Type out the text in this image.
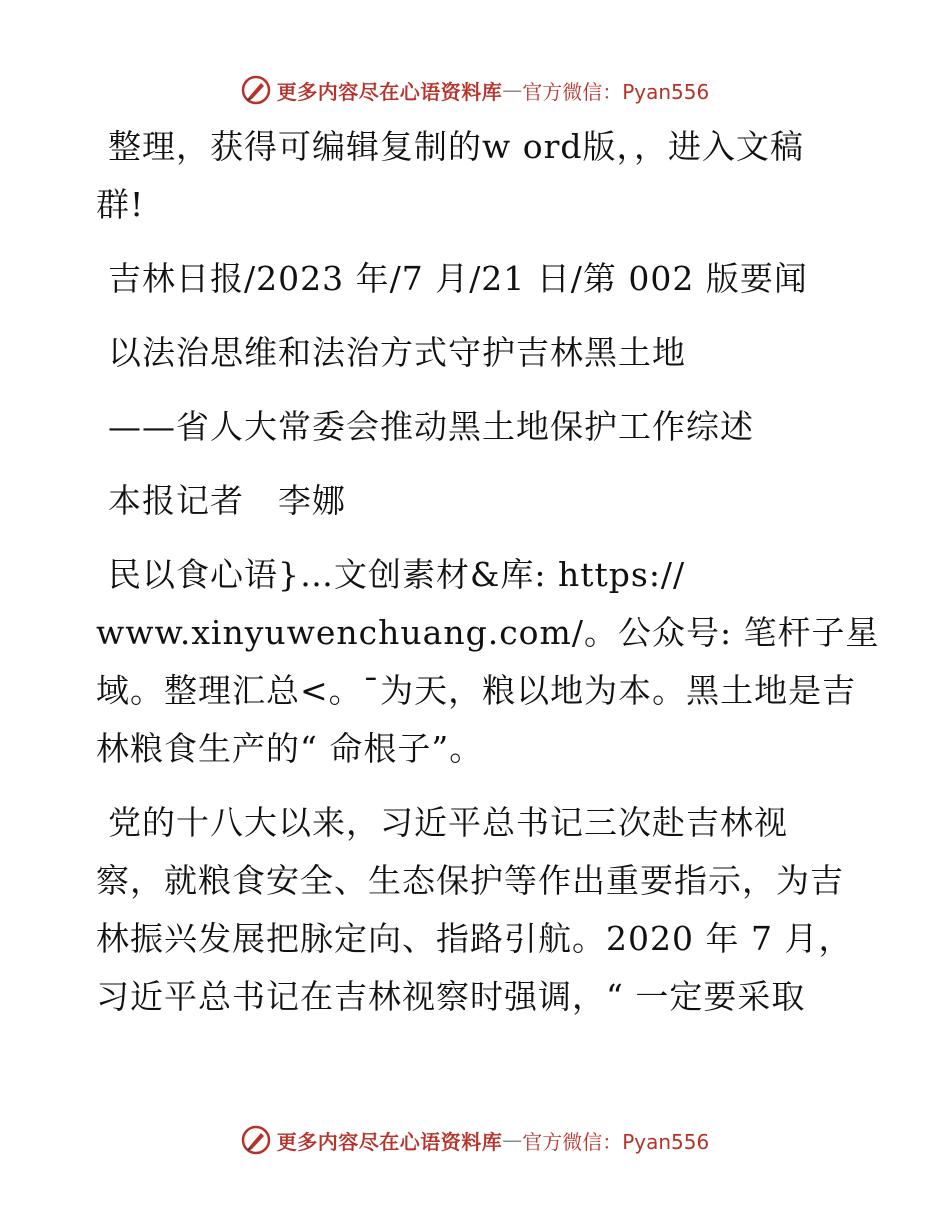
更多内容尽在心语资料库 — 官方微信：Pyan556
整理，获得可编辑复制的w ord版，，进入文稿
群!
吉林日报/2023 年/7 月/21 日/第 002 版要闻
以法治思维和法治方式守护吉林黑土地
——省人大常委会推动黑土地保护工作综述
本报记者　李娜
民以食心语}…文创素材&库: https://
www.xinyuwenchuang.com/。公众号: 笔杆子星
域。整理汇总<。¯为天，粮以地为本。黑土地是吉
林粮食生产的“ 命根子”。
党的十八大以来，习近平总书记三次赴吉林视
察，就粮食安全、生态保护等作出重要指示，为吉
林振兴发展把脉定向、指路引航。2020 年 7 月，
习近平总书记在吉林视察时强调，“ 一定要采取
更多内容尽在心语资料库 — 官方微信：Pyan556
